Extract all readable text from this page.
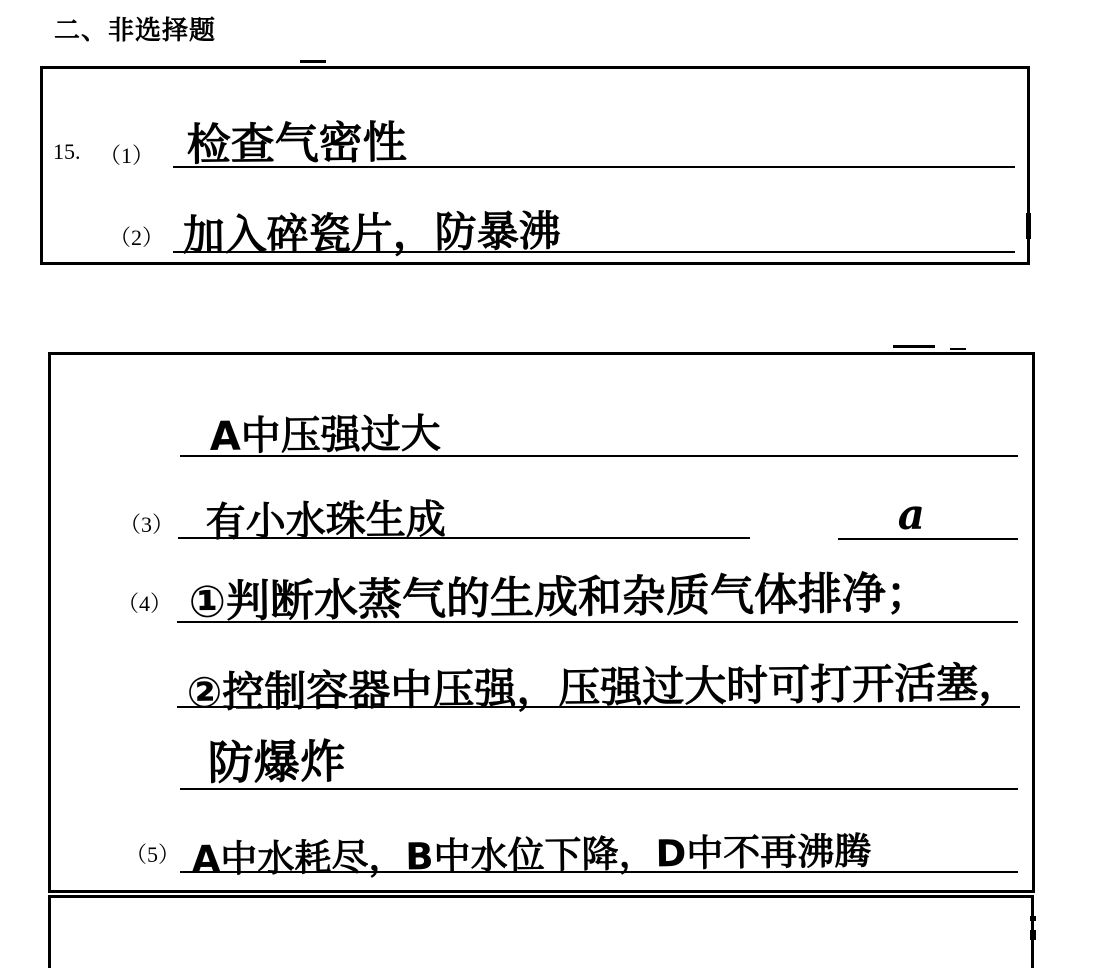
二、非选择题
15. （1） 检查气密性
（2） 加入碎瓷片，防暴沸
A中压强过大
（3） 有小水珠生成	a
（4） ①判断水蒸气的生成和杂质气体排净；
②控制容器中压强，压强过大时可打开活塞，
防爆炸
（5） A中水耗尽，B中水位下降，D中不再沸腾
